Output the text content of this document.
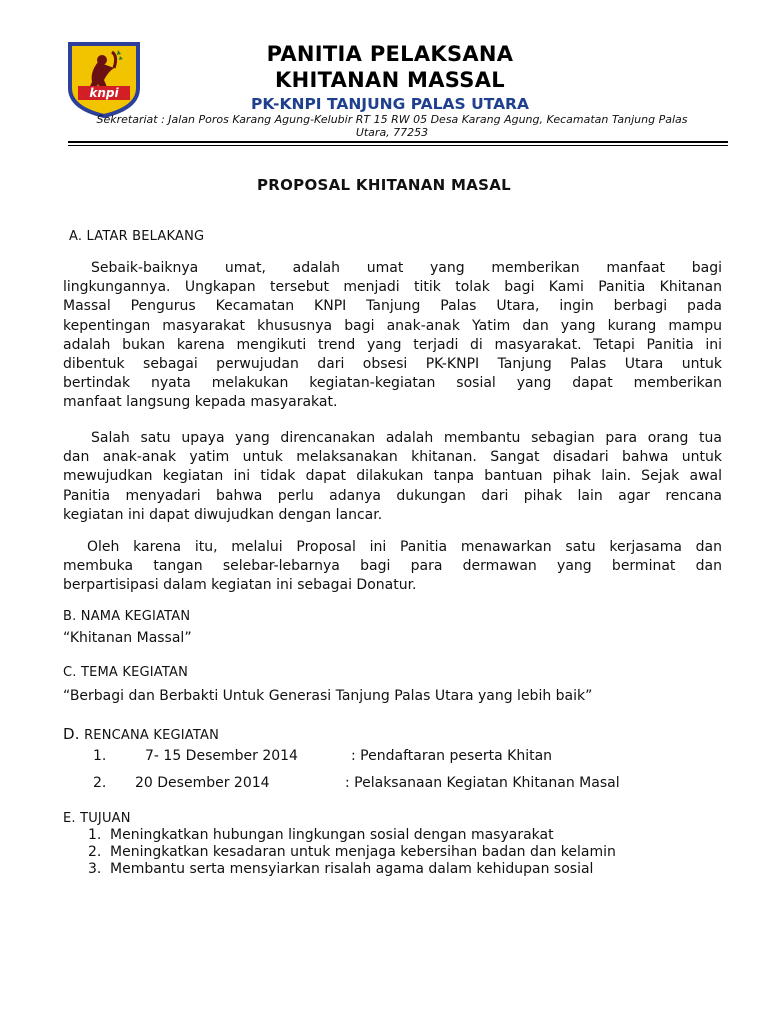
knpi
PANITIA PELAKSANA
KHITANAN MASSAL
PK-KNPI TANJUNG PALAS UTARA
Sekretariat : Jalan Poros Karang Agung-Kelubir RT 15 RW 05 Desa Karang Agung, Kecamatan Tanjung Palas
Utara, 77253
PROPOSAL KHITANAN MASAL
A. LATAR BELAKANG
Sebaik-baiknya umat, adalah umat yang memberikan manfaat bagi
lingkungannya. Ungkapan tersebut menjadi titik tolak bagi Kami Panitia Khitanan
Massal Pengurus Kecamatan KNPI Tanjung Palas Utara, ingin berbagi pada
kepentingan masyarakat khususnya bagi anak-anak Yatim dan yang kurang mampu
adalah bukan karena mengikuti trend yang terjadi di masyarakat. Tetapi Panitia ini
dibentuk sebagai perwujudan dari obsesi PK-KNPI Tanjung Palas Utara untuk
bertindak nyata melakukan kegiatan-kegiatan sosial yang dapat memberikan
manfaat langsung kepada masyarakat.
Salah satu upaya yang direncanakan adalah membantu sebagian para orang tua
dan anak-anak yatim untuk melaksanakan khitanan. Sangat disadari bahwa untuk
mewujudkan kegiatan ini tidak dapat dilakukan tanpa bantuan pihak lain. Sejak awal
Panitia menyadari bahwa perlu adanya dukungan dari pihak lain agar rencana
kegiatan ini dapat diwujudkan dengan lancar.
Oleh karena itu, melalui Proposal ini Panitia menawarkan satu kerjasama dan
membuka tangan selebar-lebarnya bagi para dermawan yang berminat dan
berpartisipasi dalam kegiatan ini sebagai Donatur.
B. NAMA KEGIATAN
“Khitanan Massal”
C. TEMA KEGIATAN
“Berbagi dan Berbakti Untuk Generasi Tanjung Palas Utara yang lebih baik”
D. RENCANA KEGIATAN
1.	7- 15 Desember 2014	: Pendaftaran peserta Khitan
2. 20 Desember 2014	: Pelaksanaan Kegiatan Khitanan Masal
E. TUJUAN
1. Meningkatkan hubungan lingkungan sosial dengan masyarakat
2. Meningkatkan kesadaran untuk menjaga kebersihan badan dan kelamin
3. Membantu serta mensyiarkan risalah agama dalam kehidupan sosial
